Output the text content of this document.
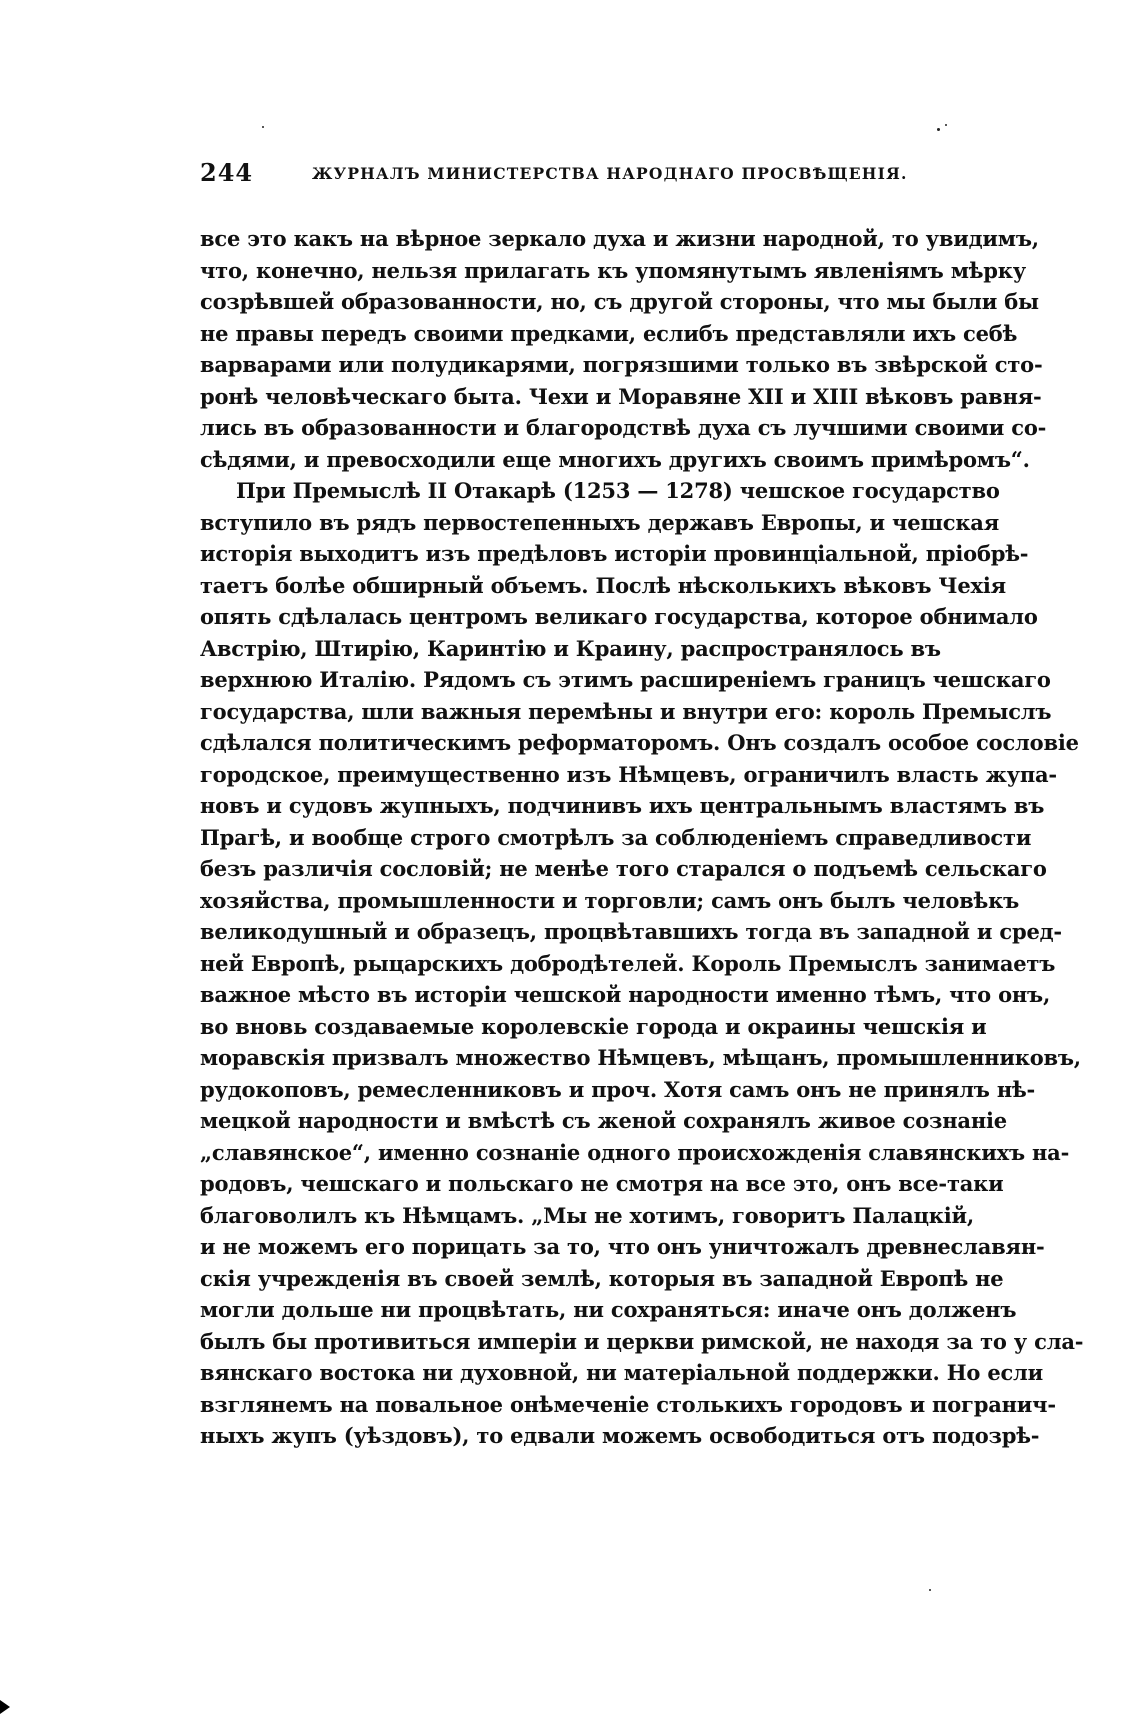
244	ЖУРНАЛЪ МИНИСТЕРСТВА НАРОДНАГО ПРОСВѢЩЕНІЯ.
все это какъ на вѣрное зеркало духа и жизни народной, то увидимъ,
что, конечно, нельзя прилагать къ упомянутымъ явленіямъ мѣрку
созрѣвшей образованности, но, съ другой стороны, что мы были бы
не правы передъ своими предками, еслибъ представляли ихъ себѣ
варварами или полудикарями, погрязшими только въ звѣрской сто-
ронѣ человѣческаго быта. Чехи и Моравяне XII и XIII вѣковъ равня-
лись въ образованности и благородствѣ духа съ лучшими своими со-
сѣдями, и превосходили еще многихъ другихъ своимъ примѣромъ“.
При Премыслѣ II Отакарѣ (1253 — 1278) чешское государство
вступило въ рядъ первостепенныхъ державъ Европы, и чешская
исторія выходитъ изъ предѣловъ исторіи провинціальной, пріобрѣ-
таетъ болѣе обширный объемъ. Послѣ нѣсколькихъ вѣковъ Чехія
опять сдѣлалась центромъ великаго государства, которое обнимало
Австрію, Штирію, Каринтію и Краину, распространялось въ
верхнюю Италію. Рядомъ съ этимъ расширеніемъ границъ чешскаго
государства, шли важныя перемѣны и внутри его: король Премыслъ
сдѣлался политическимъ реформаторомъ. Онъ создалъ особое сословіе
городское, преимущественно изъ Нѣмцевъ, ограничилъ власть жупа-
новъ и судовъ жупныхъ, подчинивъ ихъ центральнымъ властямъ въ
Прагѣ, и вообще строго смотрѣлъ за соблюденіемъ справедливости
безъ различія сословій; не менѣе того старался о подъемѣ сельскаго
хозяйства, промышленности и торговли; самъ онъ былъ человѣкъ
великодушный и образецъ, процвѣтавшихъ тогда въ западной и сред-
ней Европѣ, рыцарскихъ добродѣтелей. Король Премыслъ занимаетъ
важное мѣсто въ исторіи чешской народности именно тѣмъ, что онъ,
во вновь создаваемые королевскіе города и окраины чешскія и
моравскія призвалъ множество Нѣмцевъ, мѣщанъ, промышленниковъ,
рудокоповъ, ремесленниковъ и проч. Хотя самъ онъ не принялъ нѣ-
мецкой народности и вмѣстѣ съ женой сохранялъ живое сознаніе
„славянское“, именно сознаніе одного происхожденія славянскихъ на-
родовъ, чешскаго и польскаго не смотря на все это, онъ все-таки
благоволилъ къ Нѣмцамъ. „Мы не хотимъ, говоритъ Палацкій,
и не можемъ его порицать за то, что онъ уничтожалъ древнеславян-
скія учрежденія въ своей землѣ, которыя въ западной Европѣ не
могли дольше ни процвѣтать, ни сохраняться: иначе онъ долженъ
былъ бы противиться имперіи и церкви римской, не находя за то у сла-
вянскаго востока ни духовной, ни матеріальной поддержки. Но если
взглянемъ на повальное онѣмеченіе столькихъ городовъ и погранич-
ныхъ жупъ (уѣздовъ), то едвали можемъ освободиться отъ подозрѣ-
